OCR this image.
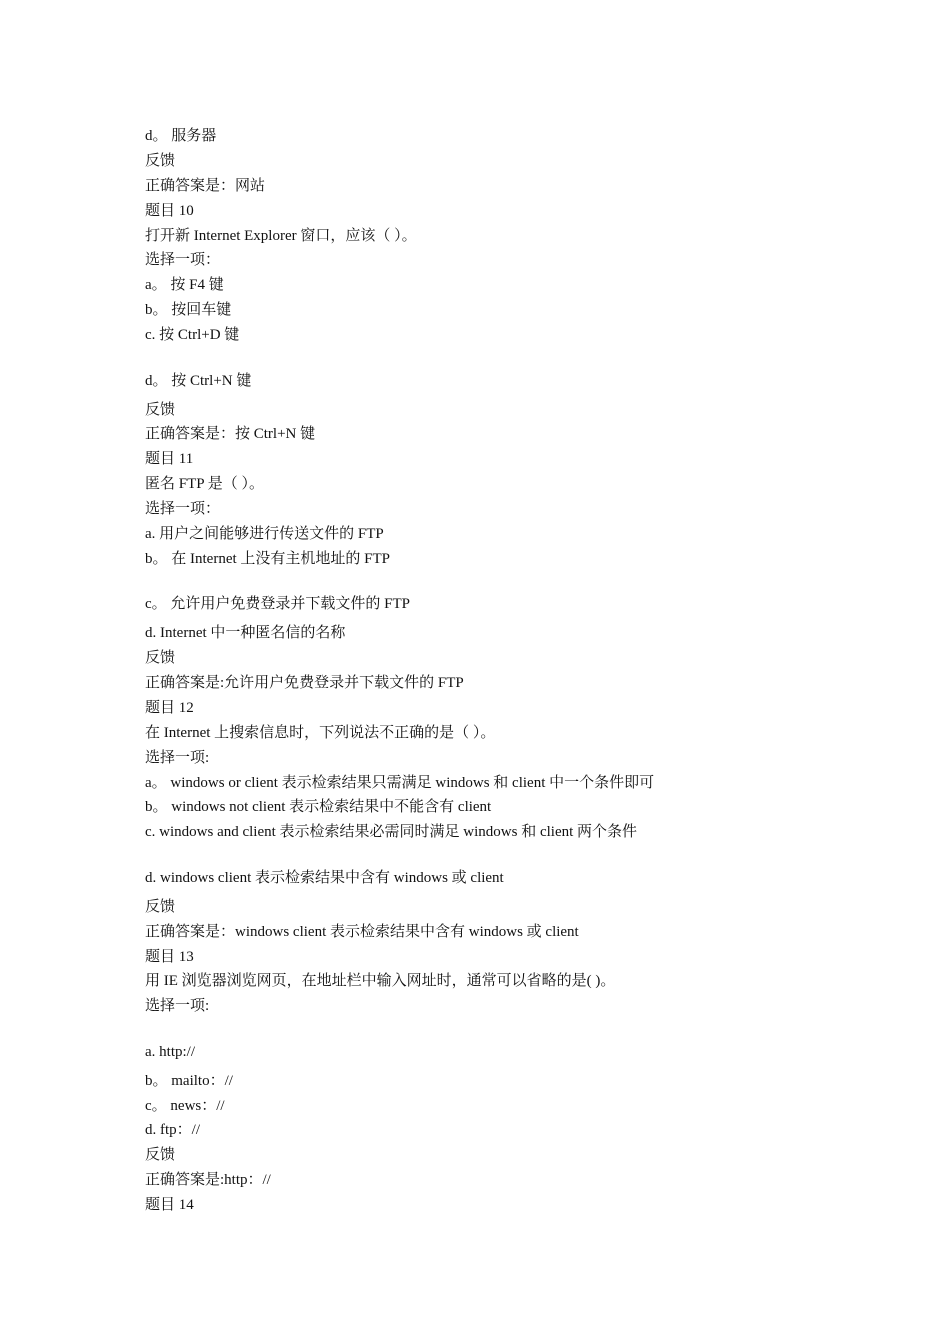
d。 服务器
反馈
正确答案是：网站
题目 10
打开新 Internet Explorer 窗口，应该（ ）。
选择一项：
a。 按 F4 键
b。 按回车键
c. 按 Ctrl+D 键
d。 按 Ctrl+N 键
反馈
正确答案是：按 Ctrl+N 键
题目 11
匿名 FTP 是（ ）。
选择一项：
a. 用户之间能够进行传送文件的 FTP
b。 在 Internet 上没有主机地址的 FTP
c。 允许用户免费登录并下载文件的 FTP
d. Internet 中一种匿名信的名称
反馈
正确答案是:允许用户免费登录并下载文件的 FTP
题目 12
在 Internet 上搜索信息时，下列说法不正确的是（ ）。
选择一项:
a。 windows or client 表示检索结果只需满足 windows 和 client 中一个条件即可
b。 windows not client 表示检索结果中不能含有 client
c. windows and client 表示检索结果必需同时满足 windows 和 client 两个条件
d. windows client 表示检索结果中含有 windows 或 client
反馈
正确答案是：windows client 表示检索结果中含有 windows 或 client
题目 13
用 IE 浏览器浏览网页，在地址栏中输入网址时，通常可以省略的是( )。
选择一项:
a. http://
b。 mailto：//
c。 news：//
d. ftp：//
反馈
正确答案是:http：//
题目 14
